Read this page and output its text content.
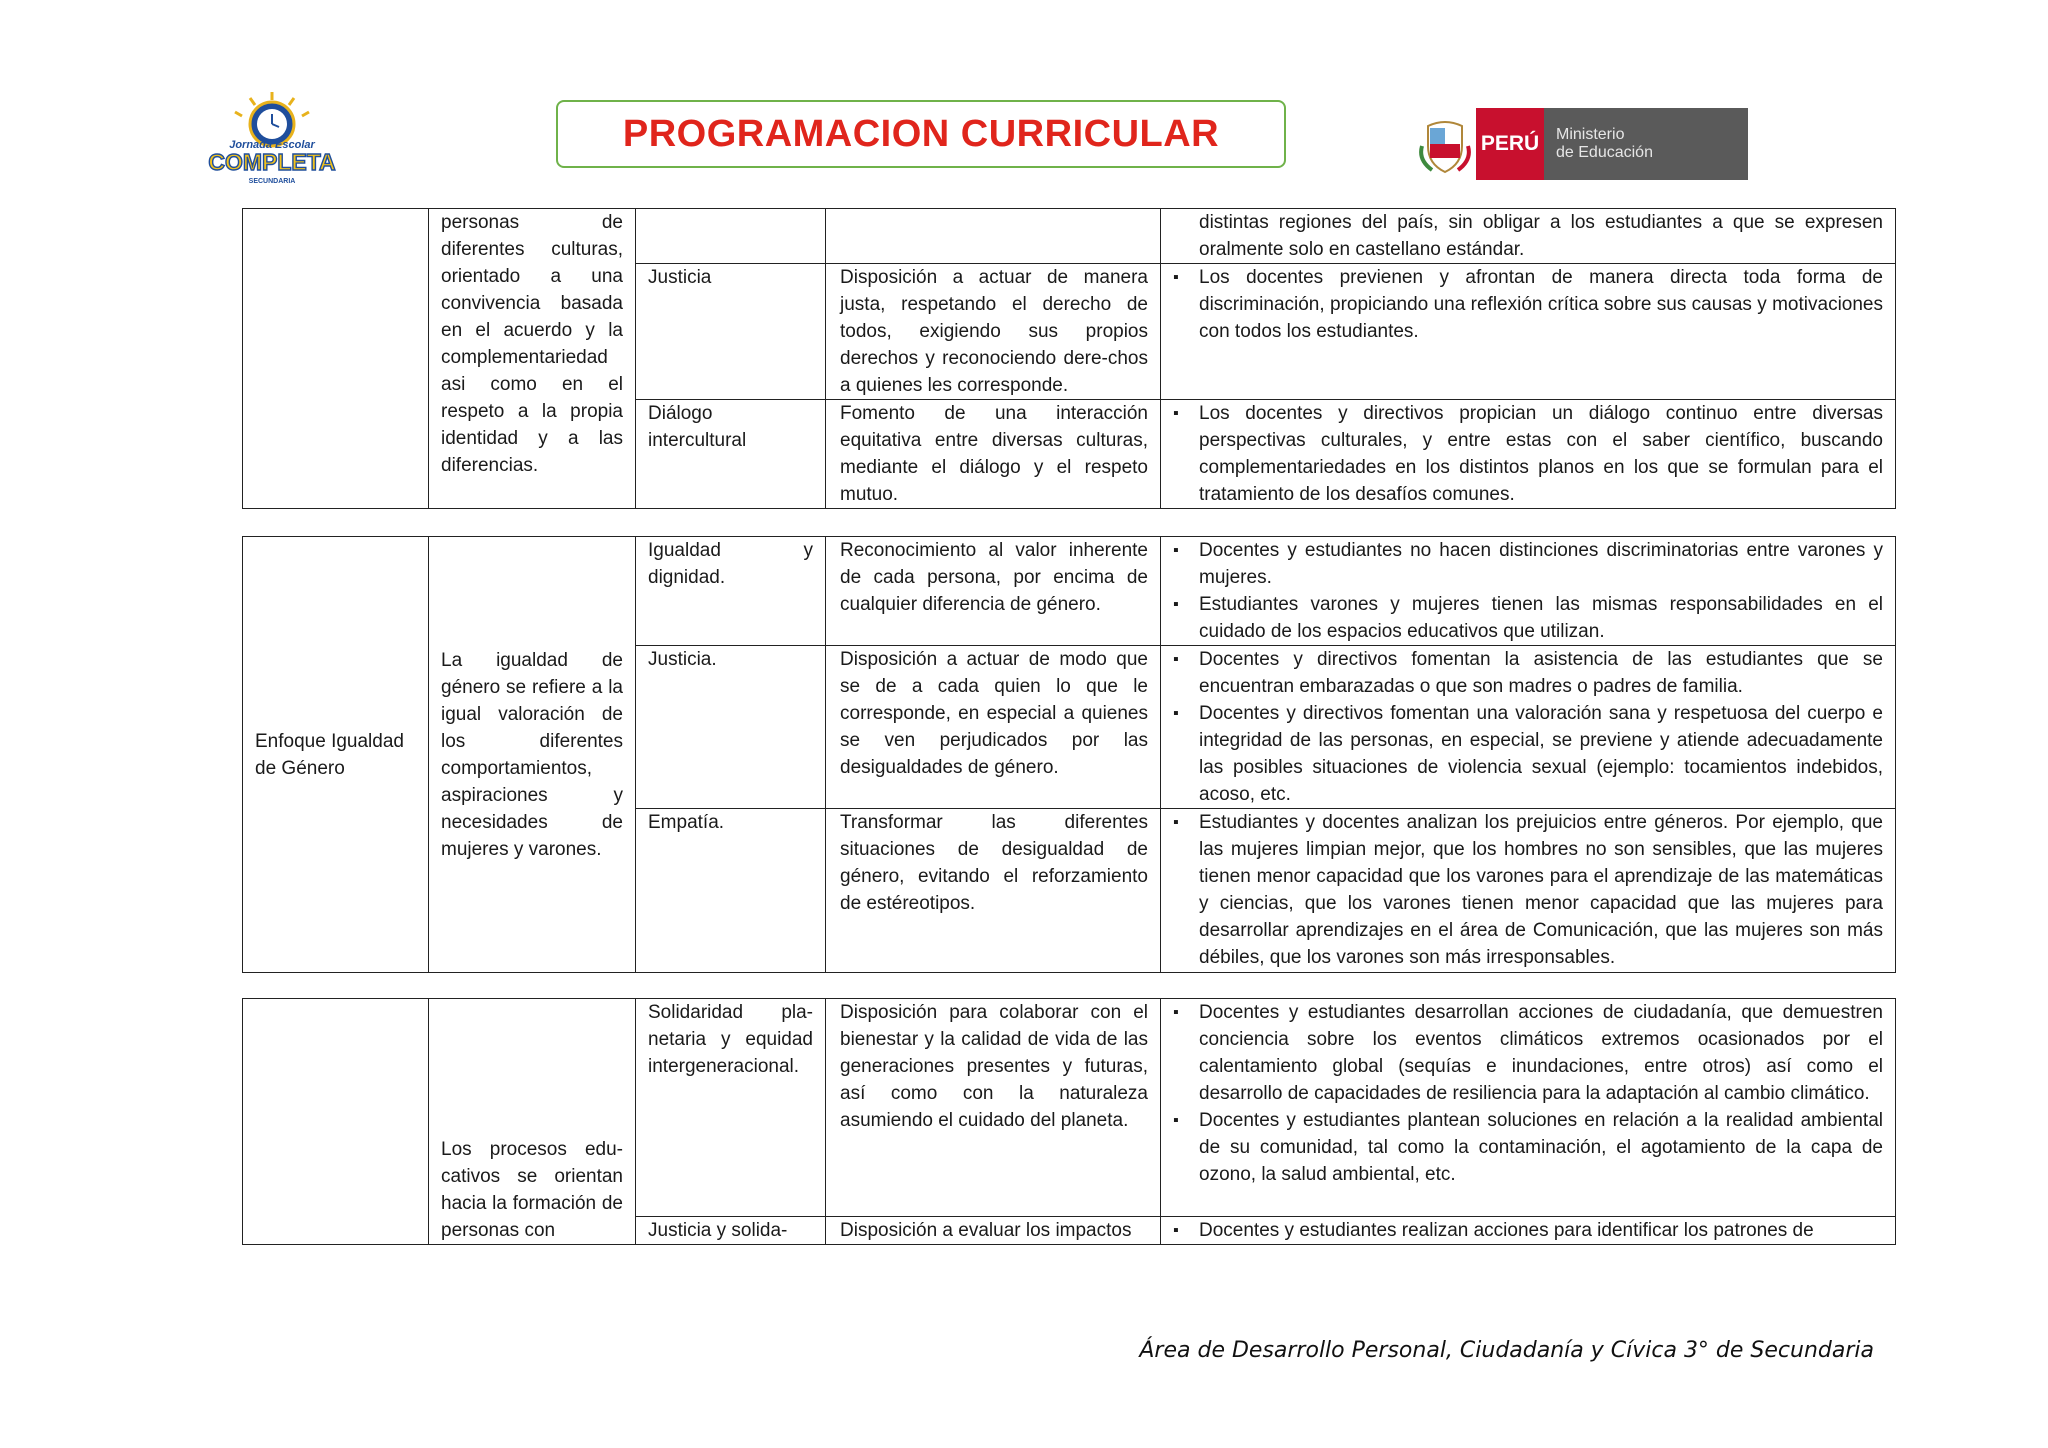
Jornada Escolar
COMPLETA
SECUNDARIA
PROGRAMACION CURRICULAR	PERÚ	Ministerio
de Educación
	personas de diferentes culturas, orientado a una convivencia basada en el acuerdo y la complementariedad asi como en el respeto a la propia identidad y a las diferencias.			distintas regiones del país, sin obligar a los estudiantes a que se expresen oralmente solo en castellano estándar.

		Justicia	Disposición a actuar de manera justa, respetando el derecho de todos, exigiendo sus propios derechos y reconociendo dere-chos a quienes les corresponde.	▪ Los docentes previenen y afrontan de manera directa toda forma de discriminación, propiciando una reflexión crítica sobre sus causas y motivaciones con todos los estudiantes.

		Diálogo intercultural	Fomento de una interacción equitativa entre diversas culturas, mediante el diálogo y el respeto mutuo.	▪ Los docentes y directivos propician un diálogo continuo entre diversas perspectivas culturales, y entre estas con el saber científico, buscando complementariedades en los distintos planos en los que se formulan para el tratamiento de los desafíos comunes.
Enfoque Igualdad de Género	La igualdad de género se refiere a la igual valoración de los diferentes comportamientos, aspiraciones y necesidades de mujeres y varones.	Igualdad y dignidad.	Reconocimiento al valor inherente de cada persona, por encima de cualquier diferencia de género.	▪ Docentes y estudiantes no hacen distinciones discriminatorias entre varones y mujeres.
▪ Estudiantes varones y mujeres tienen las mismas responsabilidades en el cuidado de los espacios educativos que utilizan.

		Justicia.	Disposición a actuar de modo que se de a cada quien lo que le corresponde, en especial a quienes se ven perjudicados por las desigualdades de género.	▪ Docentes y directivos fomentan la asistencia de las estudiantes que se encuentran embarazadas o que son madres o padres de familia.
▪ Docentes y directivos fomentan una valoración sana y respetuosa del cuerpo e integridad de las personas, en especial, se previene y atiende adecuadamente las posibles situaciones de violencia sexual (ejemplo: tocamientos indebidos, acoso, etc.

		Empatía.	Transformar las diferentes situaciones de desigualdad de género, evitando el reforzamiento de estéreotipos.	▪ Estudiantes y docentes analizan los prejuicios entre géneros. Por ejemplo, que las mujeres limpian mejor, que los hombres no son sensibles, que las mujeres tienen menor capacidad que los varones para el aprendizaje de las matemáticas y ciencias, que los varones tienen menor capacidad que las mujeres para desarrollar aprendizajes en el área de Comunicación, que las mujeres son más débiles, que los varones son más irresponsables.
	Los procesos edu-cativos se orientan hacia la formación de personas con	Solidaridad pla-netaria y equidad intergeneracional.	Disposición para colaborar con el bienestar y la calidad de vida de las generaciones presentes y futuras, así como con la naturaleza asumiendo el cuidado del planeta.	▪ Docentes y estudiantes desarrollan acciones de ciudadanía, que demuestren conciencia sobre los eventos climáticos extremos ocasionados por el calentamiento global (sequías e inundaciones, entre otros) así como el desarrollo de capacidades de resiliencia para la adaptación al cambio climático.
▪ Docentes y estudiantes plantean soluciones en relación a la realidad ambiental de su comunidad, tal como la contaminación, el agotamiento de la capa de ozono, la salud ambiental, etc.

		Justicia y solida-	Disposición a evaluar los impactos	▪ Docentes y estudiantes realizan acciones para identificar los patrones de
Área de Desarrollo Personal, Ciudadanía y Cívica 3° de Secundaria
